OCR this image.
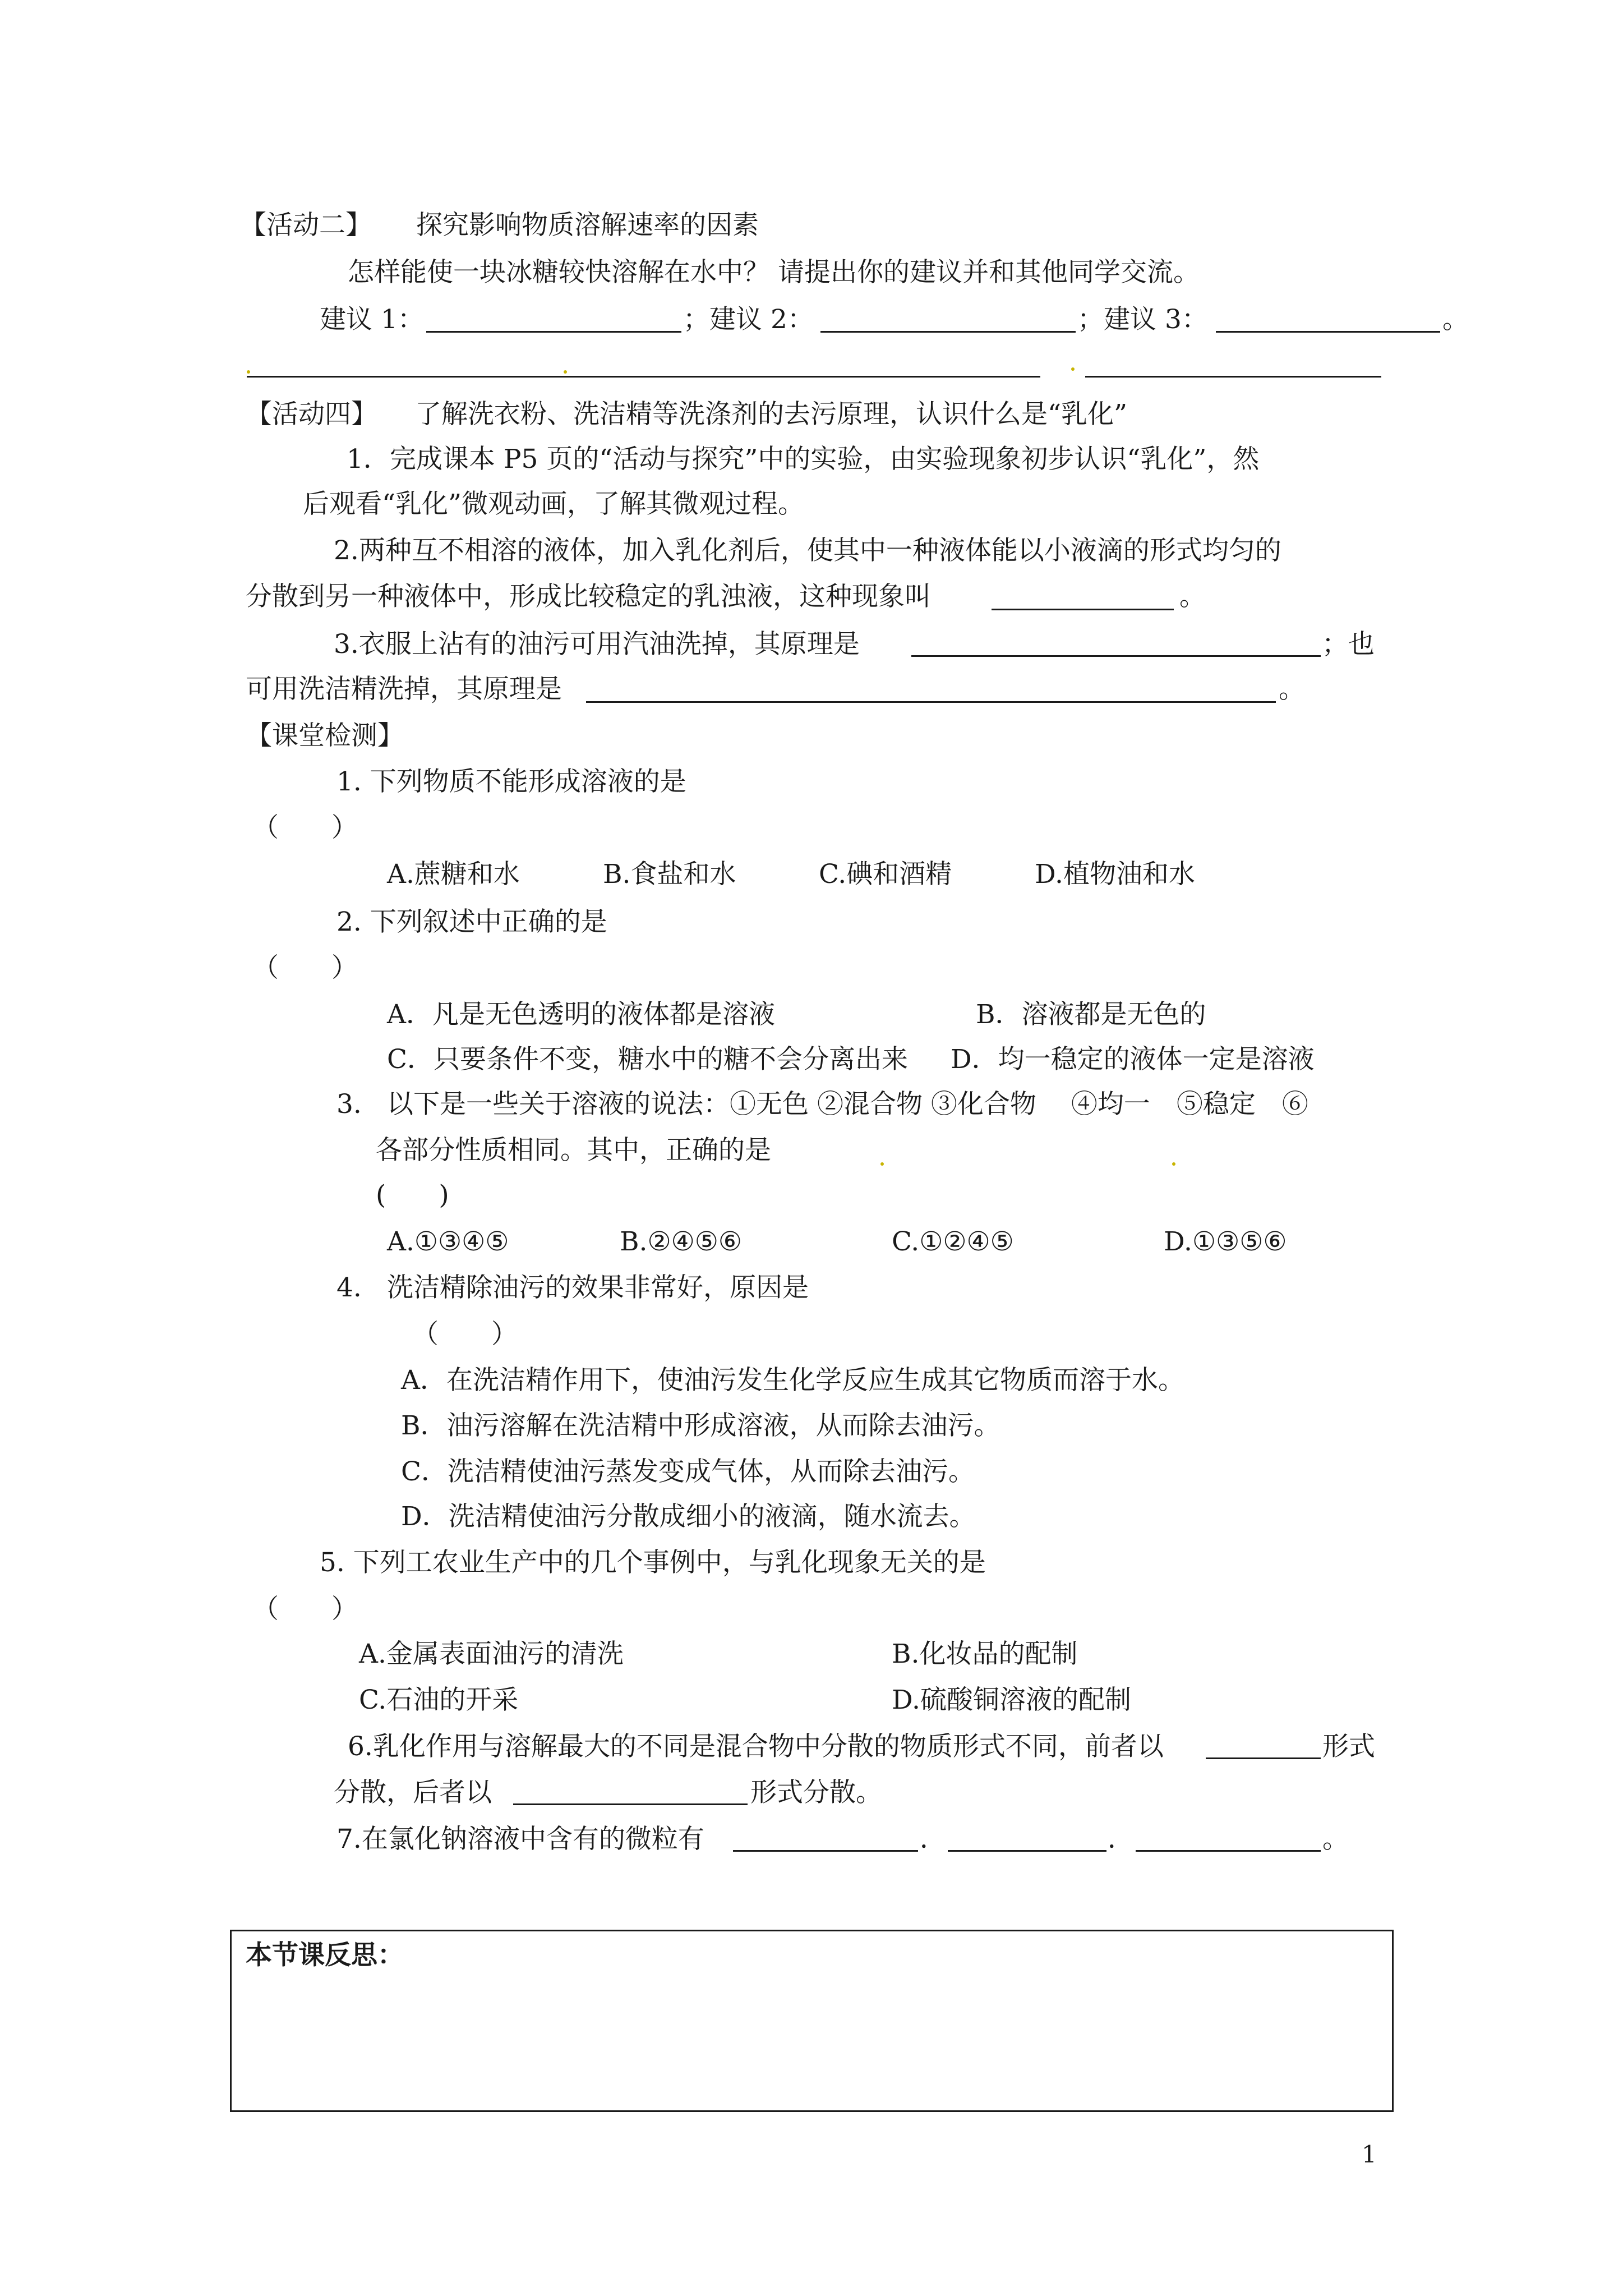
【活动二】 探究影响物质溶解速率的因素
怎样能使一块冰糖较快溶解在水中？ 请提出你的建议并和其他同学交流。
建议 1：	；建议 2：	；建议 3：	。
【活动四】 了解洗衣粉、洗洁精等洗涤剂的去污原理，认识什么是“乳化”
1．完成课本 P5 页的“活动与探究”中的实验，由实验现象初步认识“乳化”，然
后观看“乳化”微观动画，了解其微观过程。
2.两种互不相溶的液体，加入乳化剂后，使其中一种液体能以小液滴的形式均匀的
分散到另一种液体中，形成比较稳定的乳浊液，这种现象叫	。
3.衣服上沾有的油污可用汽油洗掉，其原理是	；也
可用洗洁精洗掉，其原理是	。
【课堂检测】
1. 下列物质不能形成溶液的是
（　　）
A.蔗糖和水	B.食盐和水	C.碘和酒精	D.植物油和水
2. 下列叙述中正确的是
（　　）
A．凡是无色透明的液体都是溶液	B．溶液都是无色的
C．只要条件不变，糖水中的糖不会分离出来 D．均一稳定的液体一定是溶液
3. 以下是一些关于溶液的说法：①无色 ②混合物 ③化合物　 ④均一　⑤稳定　⑥
各部分性质相同。其中，正确的是
(　　)
A.①③④⑤	B.②④⑤⑥	C.①②④⑤	D.①③⑤⑥
4. 洗洁精除油污的效果非常好，原因是
（　　）
A．在洗洁精作用下，使油污发生化学反应生成其它物质而溶于水。
B．油污溶解在洗洁精中形成溶液，从而除去油污。
C．洗洁精使油污蒸发变成气体，从而除去油污。
D．洗洁精使油污分散成细小的液滴，随水流去。
5. 下列工农业生产中的几个事例中，与乳化现象无关的是
（　　）
A.金属表面油污的清洗	B.化妆品的配制
C.石油的开采	D.硫酸铜溶液的配制
6.乳化作用与溶解最大的不同是混合物中分散的物质形式不同，前者以	形式
分散，后者以	形式分散。
7.在氯化钠溶液中含有的微粒有	．	．	。
本节课反思：
1
